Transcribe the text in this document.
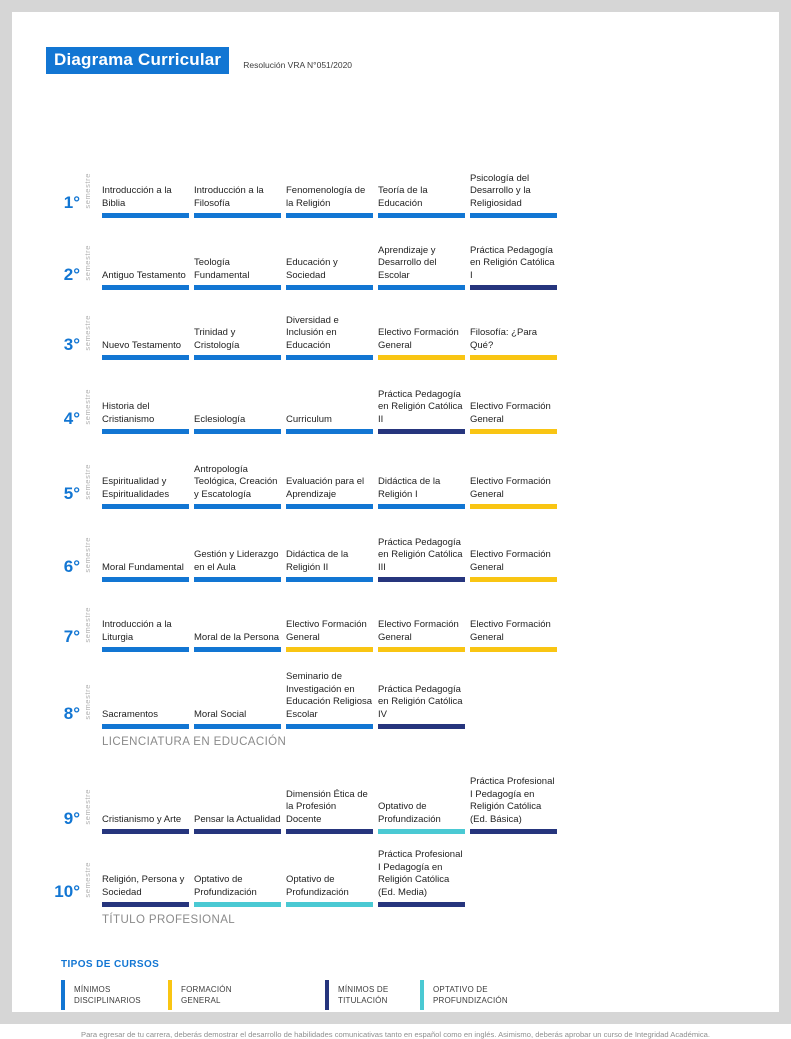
Diagrama Curricular	Resolución VRA N°051/2020
1° semestre Introducción a la Biblia
Introducción a la Filosofía
Fenomenología de la Religión
Teoría de la Educación
Psicología del Desarrollo y la Religiosidad
2° semestre Antiguo Testamento
Teología Fundamental
Educación y Sociedad
Aprendizaje y Desarrollo del Escolar
Práctica Pedagogía en Religión Católica I
3° semestre Nuevo Testamento
Trinidad y Cristología
Diversidad e Inclusión en Educación
Electivo Formación General
Filosofía: ¿Para Qué?
4° semestre Historia del Cristianismo	Eclesiología	Curriculum
Práctica Pedagogía en Religión Católica II
Electivo Formación General
5° semestre Espiritualidad y Espiritualidades
Antropología Teológica, Creación y Escatología
Evaluación para el Aprendizaje
Didáctica de la Religión I
Electivo Formación General
6° semestre Moral Fundamental
Gestión y Liderazgo en el Aula
Didáctica de la Religión II
Práctica Pedagogía en Religión Católica III
Electivo Formación General
7° semestre Introducción a la Liturgia	Moral de la Persona
Electivo Formación General
Electivo Formación General
Electivo Formación General
8° semestre Sacramentos	Moral Social
Seminario de Investigación en Educación Religiosa Escolar
Práctica Pedagogía en Religión Católica IV
LICENCIATURA EN EDUCACIÓN
9° semestre Cristianismo y Arte	Pensar la Actualidad
Dimensión Ética de la Profesión Docente
Optativo de Profundización
Práctica Profesional I Pedagogía en Religión Católica (Ed. Básica)
10° semestre Religión, Persona y Sociedad
Optativo de Profundización
Optativo de Profundización
Práctica Profesional I Pedagogía en Religión Católica (Ed. Media)
TÍTULO PROFESIONAL
TIPOS DE CURSOS
MÍNIMOS DISCIPLINARIOS
FORMACIÓN GENERAL
MÍNIMOS DE TITULACIÓN
OPTATIVO DE PROFUNDIZACIÓN
Para egresar de tu carrera, deberás demostrar el desarrollo de habilidades comunicativas tanto en español como en inglés. Asimismo, deberás aprobar un curso de Integridad Académica.
